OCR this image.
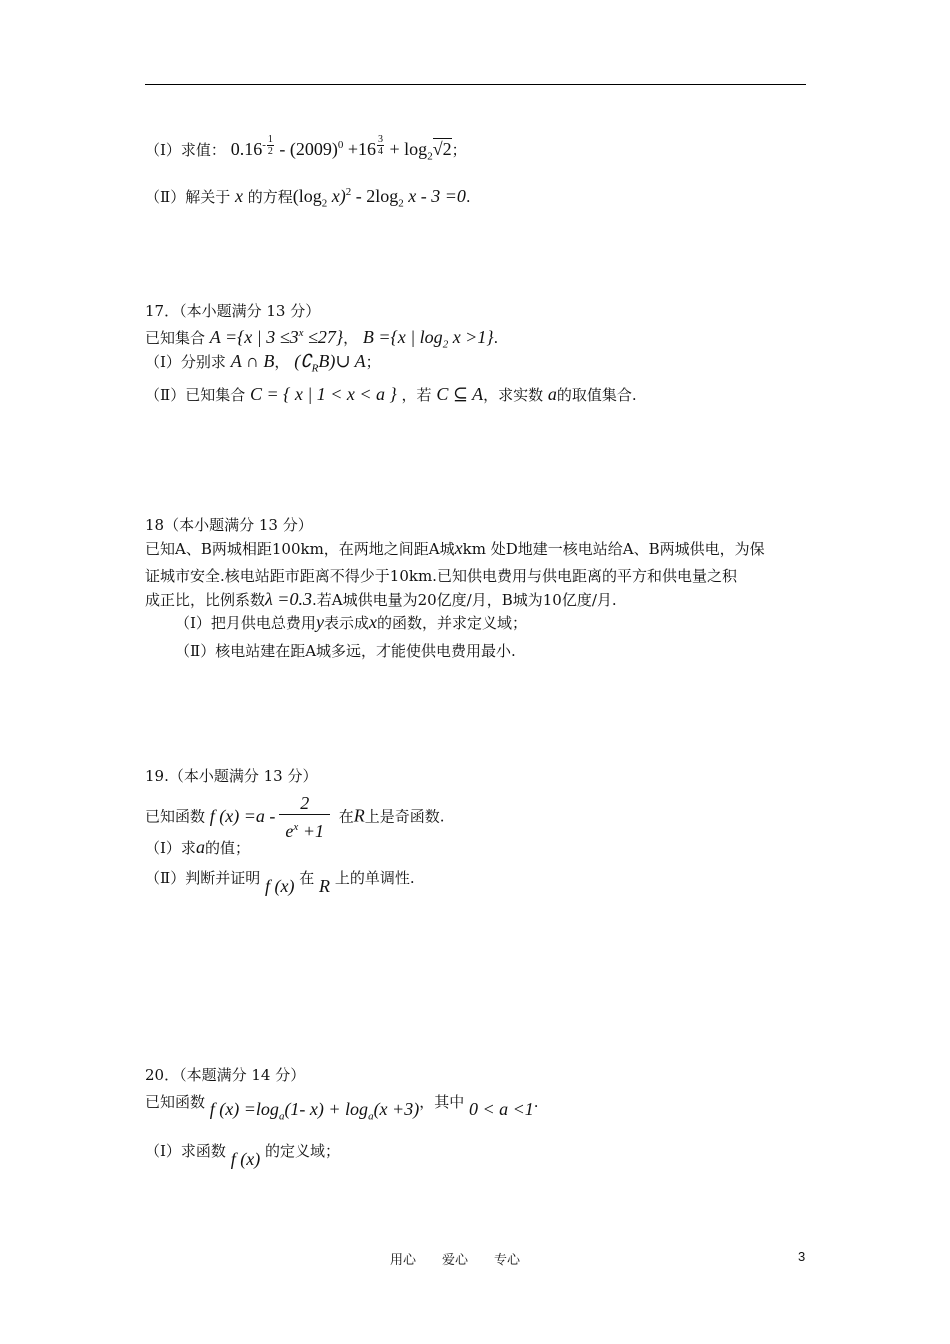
（Ⅰ）求值： $0.16^{- \frac{1}{2}} - (2009)^0 +16$ $^{\frac{3}{4}} + \log_2√2$；
（Ⅱ）解关于 x 的方程($\log_2$ $x)^2 - 2\log_2$ x - 3 =0.
17．（本小题满分 13 分）
已知集合 A ={x | $3 \le 3^x \le 27$}， B ={x | $\log_2 x >1$}.
（Ⅰ）分别求 A ∩ B， $(∁_RB)\cup$ A；
（Ⅱ）已知集合 C = { x | 1 < x < a } ，若 C ⊆ A，求实数 a的取值集合.
18（本小题满分 13 分）
已知A、B两城相距100km，在两地之间距A城xkm 处D地建一核电站给A、B两城供电，为保
证城市安全.核电站距市距离不得少于10km.已知供电费用与供电距离的平方和供电量之积
成正比，比例系数λ =0.3.若A城供电量为20亿度/月，B城为10亿度/月.
（Ⅰ）把月供电总费用y表示成x的函数，并求定义域；
（Ⅱ）核电站建在距A城多远，才能使供电费用最小.
19.（本小题满分 13 分）
已知函数 f $(x) =a - \frac{2}{e^x +1}$ 在R上是奇函数.
（Ⅰ）求a的值；
（Ⅱ）判断并证明 f (x) 在 R 上的单调性.
20．（本题满分 14 分）
已知函数 f $(x) =\log_a(1-$ $x) + \log_a(x +3)$，其中 0 < a <1.
（Ⅰ）求函数 f (x) 的定义域；
用心　　爱心　　专心	3
